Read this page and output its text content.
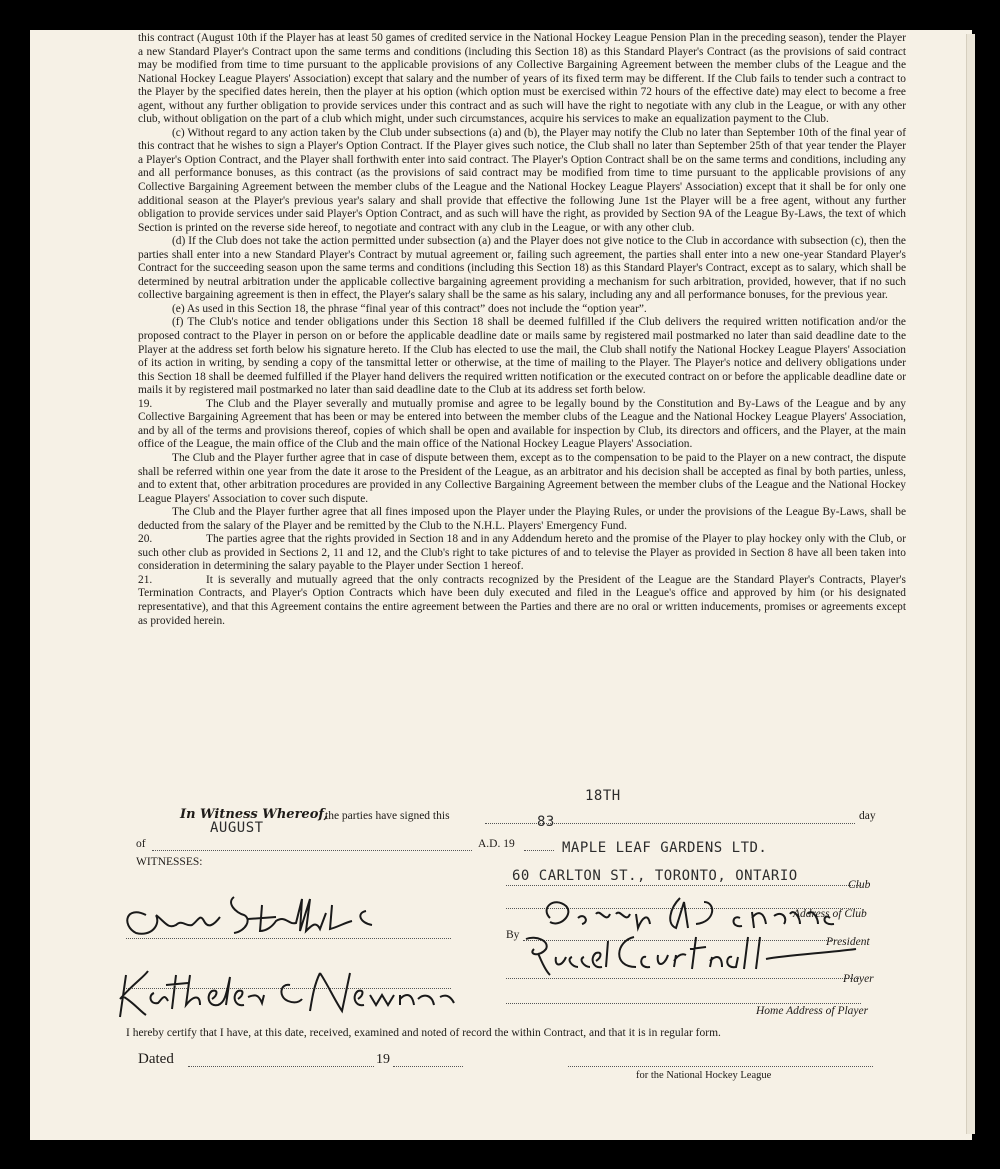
this contract (August 10th if the Player has at least 50 games of credited service in the National Hockey League Pension Plan in the preceding season), tender the Player a new Standard Player's Contract upon the same terms and conditions (including this Section 18) as this Standard Player's Contract (as the provisions of said contract may be modified from time to time pursuant to the applicable provisions of any Collective Bargaining Agreement between the member clubs of the League and the National Hockey League Players' Association) except that salary and the number of years of its fixed term may be different. If the Club fails to tender such a contract to the Player by the specified dates herein, then the player at his option (which option must be exercised within 72 hours of the effective date) may elect to become a free agent, without any further obligation to provide services under this contract and as such will have the right to negotiate with any club in the League, or with any other club, without obligation on the part of a club which might, under such circumstances, acquire his services to make an equalization payment to the Club.

(c) Without regard to any action taken by the Club under subsections (a) and (b), the Player may notify the Club no later than September 10th of the final year of this contract that he wishes to sign a Player's Option Contract. If the Player gives such notice, the Club shall no later than September 25th of that year tender the Player a Player's Option Contract, and the Player shall forthwith enter into said contract. The Player's Option Contract shall be on the same terms and conditions, including any and all performance bonuses, as this contract (as the provisions of said contract may be modified from time to time pursuant to the applicable provisions of any Collective Bargaining Agreement between the member clubs of the League and the National Hockey League Players' Association) except that it shall be for only one additional season at the Player's previous year's salary and shall provide that effective the following June 1st the Player will be a free agent, without any further obligation to provide services under said Player's Option Contract, and as such will have the right, as provided by Section 9A of the League By-Laws, the text of which Section is printed on the reverse side hereof, to negotiate and contract with any club in the League, or with any other club.

(d) If the Club does not take the action permitted under subsection (a) and the Player does not give notice to the Club in accordance with subsection (c), then the parties shall enter into a new Standard Player's Contract by mutual agreement or, failing such agreement, the parties shall enter into a new one-year Standard Player's Contract for the succeeding season upon the same terms and conditions (including this Section 18) as this Standard Player's Contract, except as to salary, which shall be determined by neutral arbitration under the applicable collective bargaining agreement providing a mechanism for such arbitration, provided, however, that if no such collective bargaining agreement is then in effect, the Player's salary shall be the same as his salary, including any and all performance bonuses, for the previous year.

(e) As used in this Section 18, the phrase “final year of this contract” does not include the “option year”.

(f) The Club's notice and tender obligations under this Section 18 shall be deemed fulfilled if the Club delivers the required written notification and/or the proposed contract to the Player in person on or before the applicable deadline date or mails same by registered mail postmarked no later than said deadline date to the Player at the address set forth below his signature hereto. If the Club has elected to use the mail, the Club shall notify the National Hockey League Players' Association of its action in writing, by sending a copy of the tansmittal letter or otherwise, at the time of mailing to the Player. The Player's notice and delivery obligations under this Section 18 shall be deemed fulfilled if the Player hand delivers the required written notification or the executed contract on or before the applicable deadline date or mails it by registered mail postmarked no later than said deadline date to the Club at its address set forth below.

19.	The Club and the Player severally and mutually promise and agree to be legally bound by the Constitution and By-Laws of the League and by any Collective Bargaining Agreement that has been or may be entered into between the member clubs of the League and the National Hockey League Players' Association, and by all of the terms and provisions thereof, copies of which shall be open and available for inspection by Club, its directors and officers, and the Player, at the main office of the League, the main office of the Club and the main office of the National Hockey League Players' Association.

The Club and the Player further agree that in case of dispute between them, except as to the compensation to be paid to the Player on a new contract, the dispute shall be referred within one year from the date it arose to the President of the League, as an arbitrator and his decision shall be accepted as final by both parties, unless, and to extent that, other arbitration procedures are provided in any Collective Bargaining Agreement between the member clubs of the League and the National Hockey League Players' Association to cover such dispute.

The Club and the Player further agree that all fines imposed upon the Player under the Playing Rules, or under the provisions of the League By-Laws, shall be deducted from the salary of the Player and be remitted by the Club to the N.H.L. Players' Emergency Fund.

20.	The parties agree that the rights provided in Section 18 and in any Addendum hereto and the promise of the Player to play hockey only with the Club, or such other club as provided in Sections 2, 11 and 12, and the Club's right to take pictures of and to televise the Player as provided in Section 8 have all been taken into consideration in determining the salary payable to the Player under Section 1 hereof.

21.	It is severally and mutually agreed that the only contracts recognized by the President of the League are the Standard Player's Contracts, Player's Termination Contracts, and Player's Option Contracts which have been duly executed and filed in the League's office and approved by him (or his designated representative), and that this Agreement contains the entire agreement between the Parties and there are no oral or written inducements, promises or agreements except as provided herein.

In Witness Whereof,
the parties have signed this	day
18TH
AUGUST	83
of	A.D. 19
WITNESSES:
MAPLE LEAF GARDENS LTD.
60 CARLTON ST., TORONTO, ONTARIO
Club
Address of Club
By
President
Player
Home Address of Player
I hereby certify that I have, at this date, received, examined and noted of record the within Contract, and that it is in regular form.
Dated	19
for the National Hockey League
